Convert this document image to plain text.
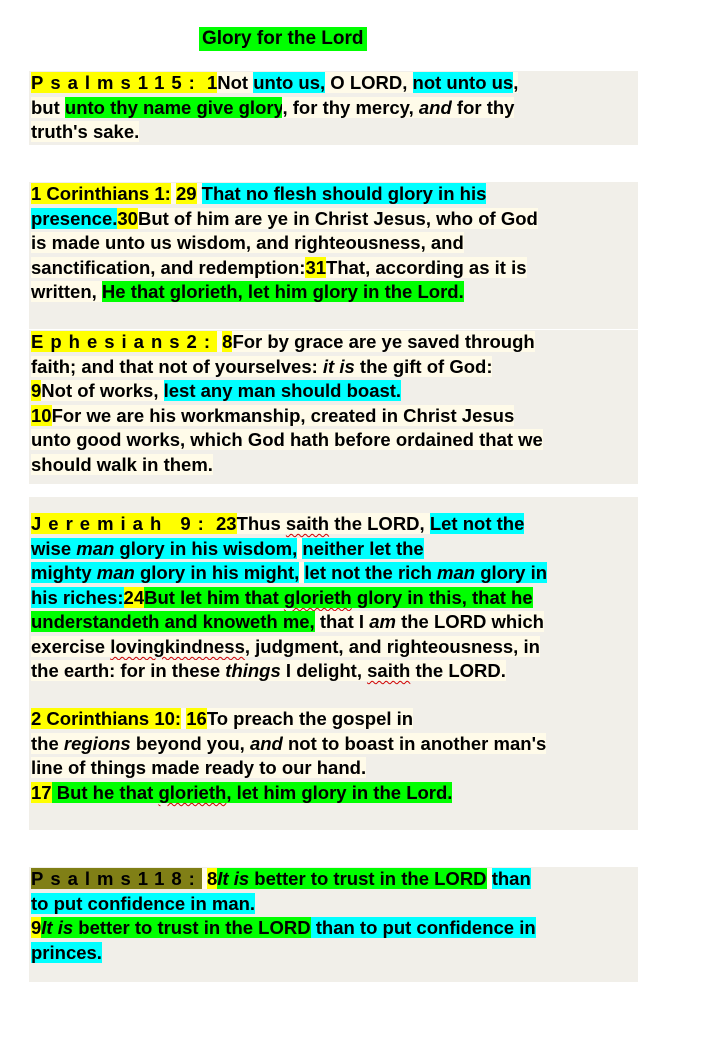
Glory for the Lord
Psalms115: 1Not unto us, O LORD, not unto us,
but unto thy name give glory, for thy mercy, and for thy
truth's sake.
1 Corinthians 1: 29 That no flesh should glory in his
presence.30But of him are ye in Christ Jesus, who of God
is made unto us wisdom, and righteousness, and
sanctification, and redemption:31That, according as it is
written, He that glorieth, let him glory in the Lord.
Ephesians2: 8For by grace are ye saved through
faith; and that not of yourselves: it is the gift of God:
9Not of works, lest any man should boast.
10For we are his workmanship, created in Christ Jesus
unto good works, which God hath before ordained that we
should walk in them.
Jeremiah 9: 23Thus saith the LORD, Let not the
wise man glory in his wisdom, neither let the
mighty man glory in his might, let not the rich man glory in
his riches:24But let him that glorieth glory in this, that he
understandeth and knoweth me, that I am the LORD which
exercise lovingkindness, judgment, and righteousness, in
the earth: for in these things I delight, saith the LORD.
2 Corinthians 10: 16To preach the gospel in
the regions beyond you, and not to boast in another man's
line of things made ready to our hand.
17 But he that glorieth, let him glory in the Lord.
Psalms118: 8It is better to trust in the LORD than
to put confidence in man.
9It is better to trust in the LORD than to put confidence in
princes.
